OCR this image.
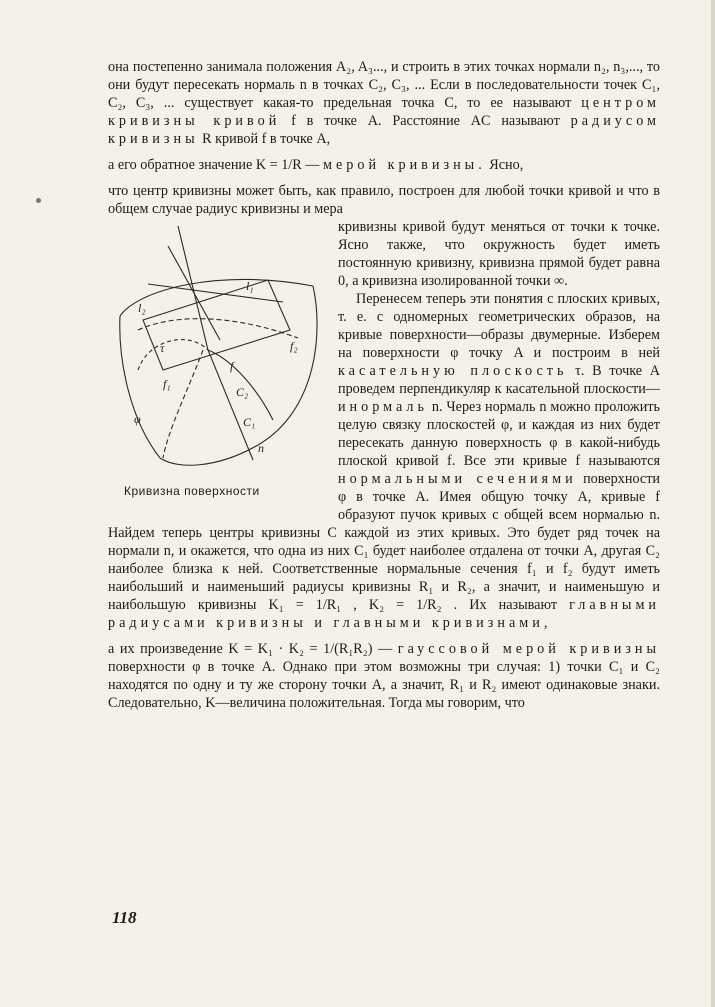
она постепенно занимала положения A₂, A₃..., и строить в этих точках нормали n₂, n₃,..., то они будут пересекать нормаль n в точках C₂, C₃, ... Если в последовательности точек C₁, C₂, C₃, ... существует какая-то предельная точка C, то ее называют центром кривизны кривой f в точке A. Расстояние AC называют радиусом кривизны R кривой f в точке A,

а его обратное значение K = 1/R — мерой кривизны. Ясно,

что центр кривизны может быть, как правило, построен для любой точки кривой и что в общем случае радиус кривизны и мера

l₁
l₂
f₂
τ
f
f₁
C₂
φ	C₁
n
Кривизна поверхности

кривизны кривой будут меняться от точки к точке. Ясно также, что окружность будет иметь постоянную кривизну, кривизна прямой будет равна 0, а кривизна изолированной точки ∞.

Перенесем теперь эти понятия с плоских кривых, т. е. с одномерных геометрических образов, на кривые поверхности—образы двумерные. Изберем на поверхности φ точку A и построим в ней касательную плоскость τ. В точке A проведем перпендикуляр к касательной плоскости—и нормаль n. Через нормаль n можно проложить целую связку плоскостей φ, и каждая из них будет пересекать данную поверхность φ в какой-нибудь плоской кривой f. Все эти кривые f называются нормальными сечениями поверхности φ в точке A. Имея общую точку A, кривые f образуют пучок кривых с общей всем нормалью n. Найдем теперь центры кривизны C каждой из этих кривых. Это будет ряд точек на нормали n, и окажется, что одна из них C₁ будет наиболее отдалена от точки A, другая C₂ наиболее близка к ней. Соответственные нормальные сечения f₁ и f₂ будут иметь наибольший и наименьший радиусы кривизны R₁ и R₂, а значит, и наименьшую и наибольшую кривизны K₁ = 1/R₁ , K₂ = 1/R₂ . Их называют главными радиусами кривизны и главными кривизнами,

а их произведение K = K₁ · K₂ = 1/(R₁R₂) — гауссовой мерой кривизны поверхности φ в точке A. Однако при этом возможны три случая: 1) точки C₁ и C₂ находятся по одну и ту же сторону точки A, а значит, R₁ и R₂ имеют одинаковые знаки. Следовательно, K—величина положительная. Тогда мы говорим, что

118
